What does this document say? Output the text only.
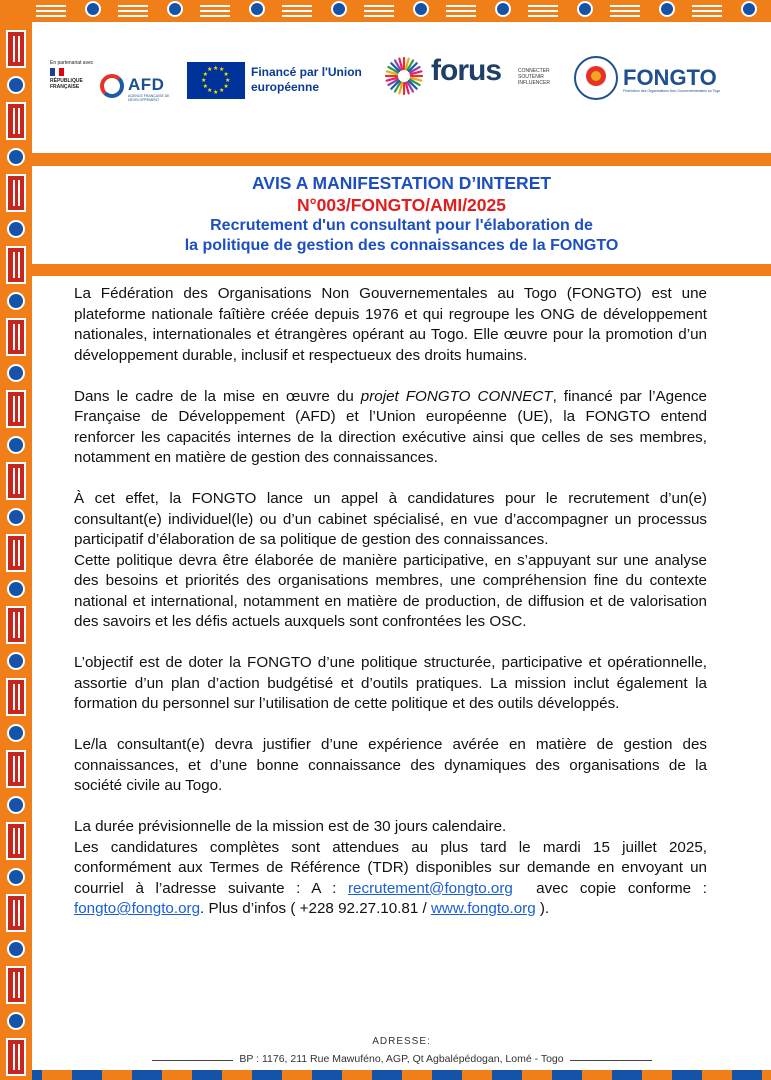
En partenariat avec
RÉPUBLIQUE FRANÇAISE	AFD
AGENCE FRANÇAISE DE DÉVELOPPEMENT
★
★
★
★
★
★
★
★
★ ★ ★
★ Financé par l'Union européenne	forus	CONNECTER SOUTENIR INFLUENCER	FONGTO
Fédération des Organisations Non Gouvernementales au Togo
AVIS A MANIFESTATION D’INTERET
N°003/FONGTO/AMI/2025
Recrutement d'un consultant pour l'élaboration de
la politique de gestion des connaissances de la FONGTO

La Fédération des Organisations Non Gouvernementales au Togo (FONGTO) est une plateforme nationale faîtière créée depuis 1976 et qui regroupe les ONG de développement nationales, internationales et étrangères opérant au Togo. Elle œuvre pour la promotion d’un développement durable, inclusif et respectueux des droits humains.

Dans le cadre de la mise en œuvre du projet FONGTO CONNECT, financé par l’Agence Française de Développement (AFD) et l’Union européenne (UE), la FONGTO entend renforcer les capacités internes de la direction exécutive ainsi que celles de ses membres, notamment en matière de gestion des connaissances.

À cet effet, la FONGTO lance un appel à candidatures pour le recrutement d’un(e) consultant(e) individuel(le) ou d’un cabinet spécialisé, en vue d’accompagner un processus participatif d’élaboration de sa politique de gestion des connaissances.

Cette politique devra être élaborée de manière participative, en s’appuyant sur une analyse des besoins et priorités des organisations membres, une compréhension fine du contexte national et international, notamment en matière de production, de diffusion et de valorisation des savoirs et les défis actuels auxquels sont confrontées les OSC.

L’objectif est de doter la FONGTO d’une politique structurée, participative et opérationnelle, assortie d’un plan d’action budgétisé et d’outils pratiques. La mission inclut également la formation du personnel sur l’utilisation de cette politique et des outils développés.

Le/la consultant(e) devra justifier d’une expérience avérée en matière de gestion des connaissances, et d’une bonne connaissance des dynamiques des organisations de la société civile au Togo.

La durée prévisionnelle de la mission est de 30 jours calendaire.

Les candidatures complètes sont attendues au plus tard le mardi 15 juillet 2025, conformément aux Termes de Référence (TDR) disponibles sur demande en envoyant un courriel à l’adresse suivante : A : recrutement@fongto.org  avec copie conforme : fongto@fongto.org. Plus d’infos ( +228 92.27.10.81 / www.fongto.org ).

ADRESSE:
BP : 1176, 211 Rue Mawuféno, AGP, Qt Agbalépédogan, Lomé - Togo
